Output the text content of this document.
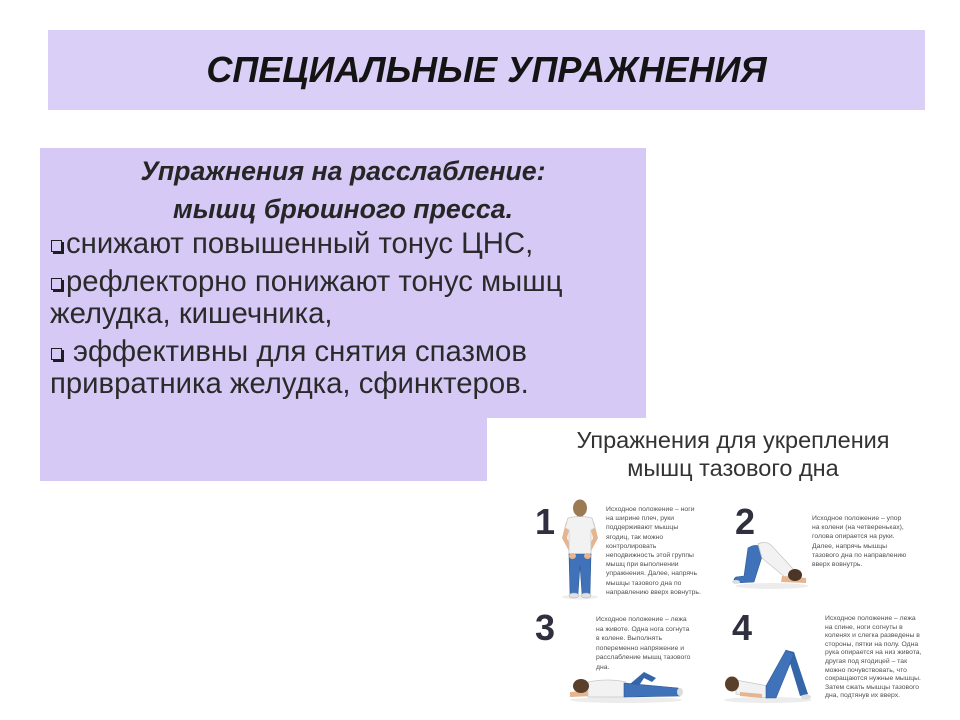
СПЕЦИАЛЬНЫЕ УПРАЖНЕНИЯ
Упражнения на расслабление:
мышц брюшного пресса.
снижают повышенный тонус ЦНС,
рефлекторно понижают тонус мышц
желудка, кишечника,
эффективны для снятия спазмов
привратника желудка, сфинктеров.
Упражнения для укрепления
мышц тазового дна
1	Исходное положение – ноги
на ширине плеч, руки
поддерживают мышцы
ягодиц, так можно
контролировать
неподвижность этой группы
мышц при выполнении
упражнения. Далее, напрячь
мышцы тазового дна по
направлению вверх вовнутрь.
2	Исходное положение – упор
на колени (на четвереньках),
голова опирается на руки.
Далее, напрячь мышцы
тазового дна по направлению
вверх вовнутрь.
3	Исходное положение – лежа
на животе. Одна нога согнута
в колене. Выполнять
попеременно напряжение и
расслабление мышц тазового
дна.
4	Исходное положение – лежа
на спине, ноги согнуты в
коленях и слегка разведены в
стороны, пятки на полу. Одна
рука опирается на низ живота,
другая под ягодицей – так
можно почувствовать, что
сокращаются нужные мышцы.
Затем сжать мышцы тазового
дна, подтянув их вверх.
